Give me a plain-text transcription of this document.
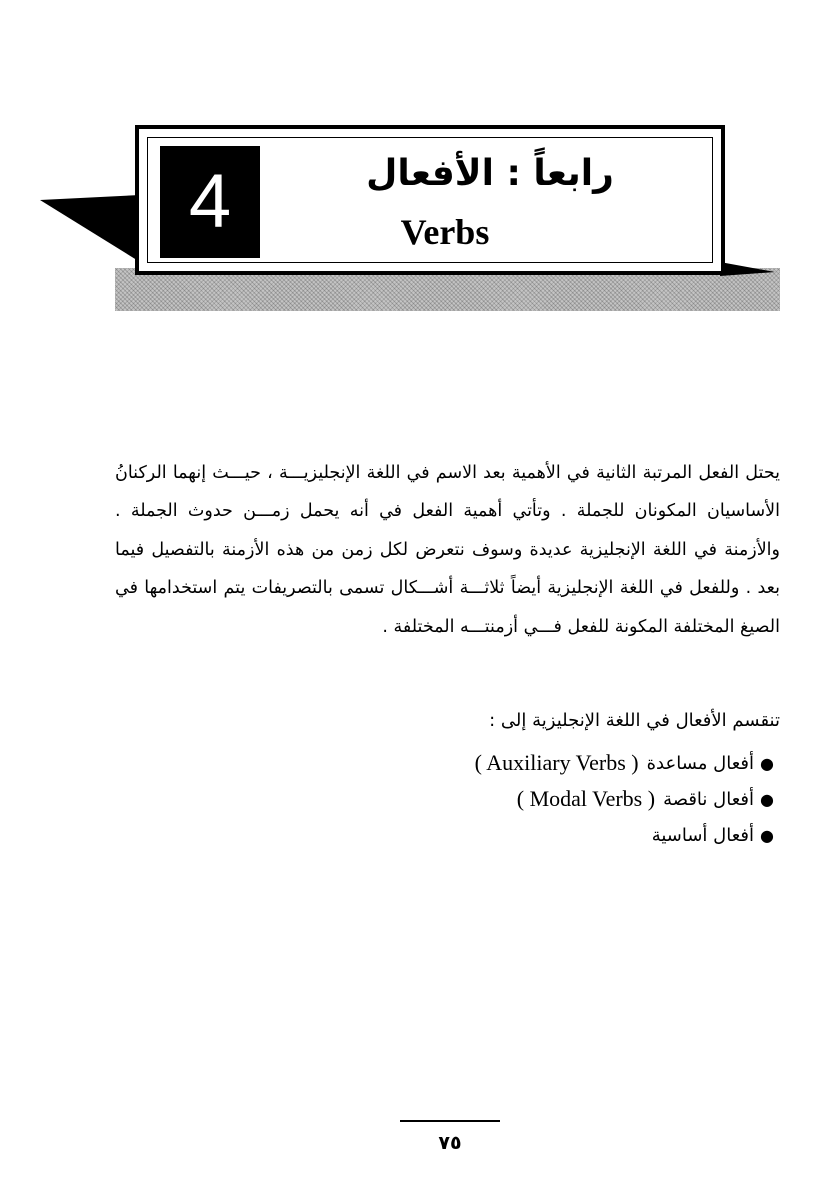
4	رابعاً : الأفعال
Verbs

يحتل الفعل المرتبة الثانية في الأهمية بعد الاسم في اللغة الإنجليزيـــة ، حيـــث إنهما الركنانُ الأساسيان المكونان للجملة . وتأتي أهمية الفعل في أنه يحمل زمـــن حدوث الجملة . والأزمنة في اللغة الإنجليزية عديدة وسوف نتعرض لكل زمن من هذه الأزمنة بالتفصيل فيما بعد . وللفعل في اللغة الإنجليزية أيضاً ثلاثـــة أشـــكال تسمى بالتصريفات يتم استخدامها في الصيغ المختلفة المكونة للفعل فـــي أزمنتـــه المختلفة .

تنقسم الأفعال في اللغة الإنجليزية إلى :
●
أفعال مساعدة
( Auxiliary Verbs )
●
أفعال ناقصة
( Modal Verbs )
●
أفعال أساسية
٧٥
